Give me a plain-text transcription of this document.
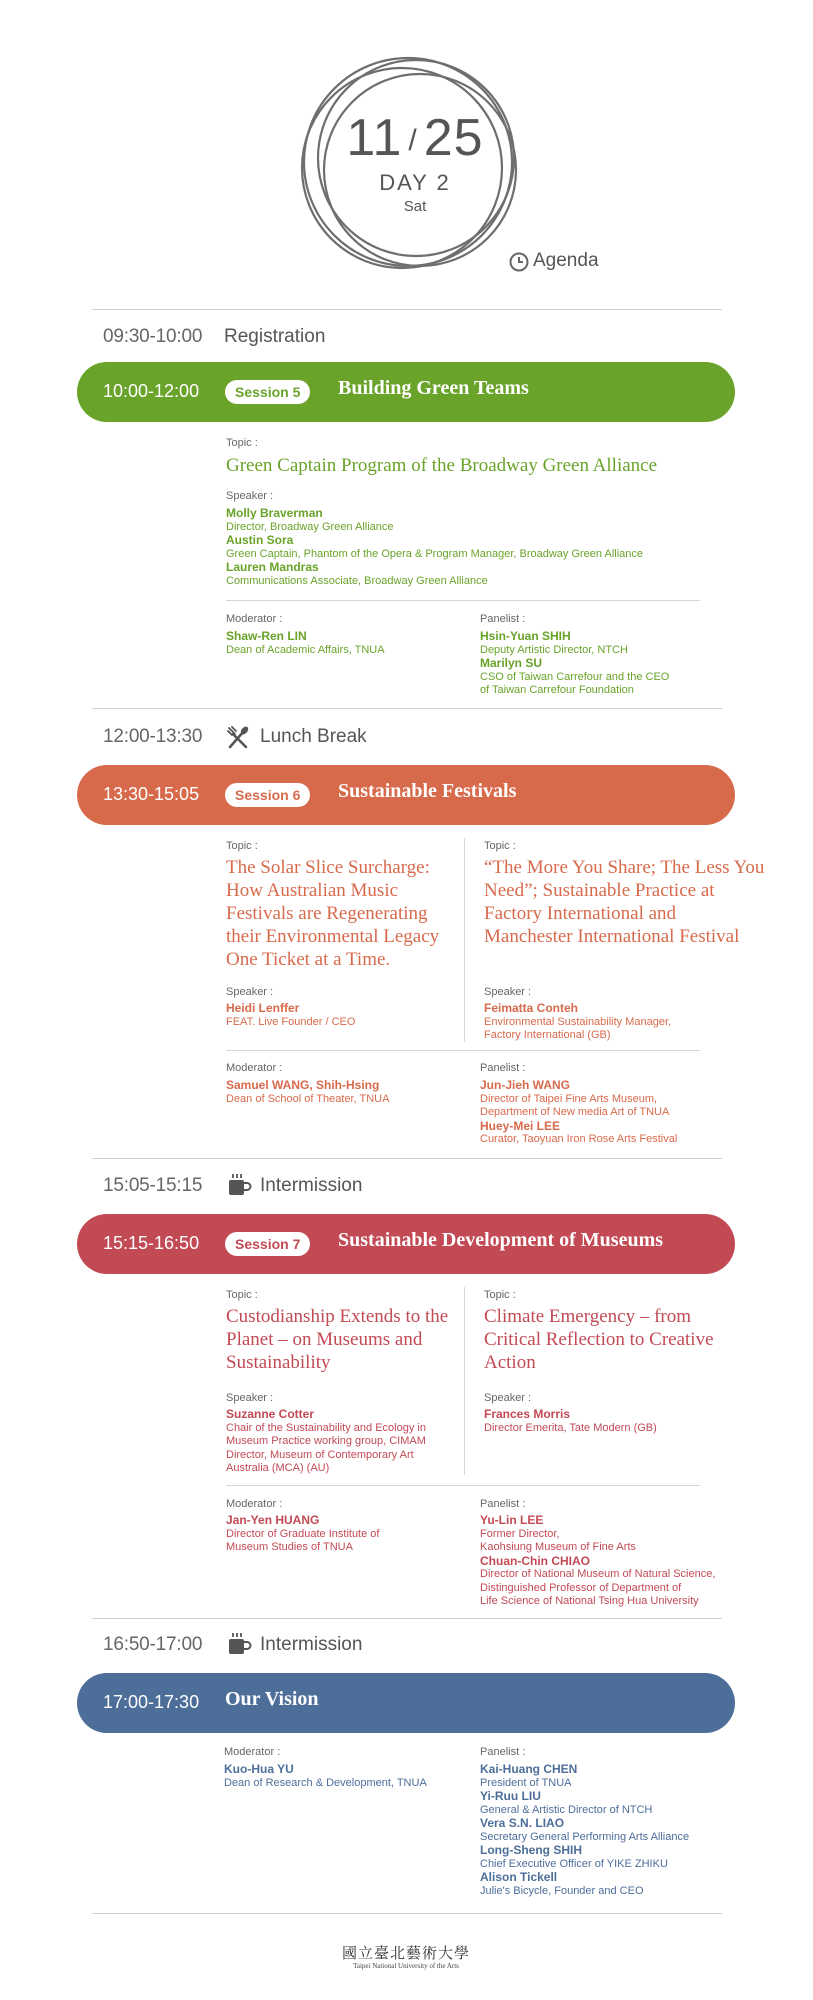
11 / 25
DAY 2
Sat
Agenda
09:30-10:00 Registration
10:00-12:00	Session 5	Building Green Teams
Topic :
Green Captain Program of the Broadway Green Alliance
Speaker :
Molly Braverman
Director, Broadway Green Alliance
Austin Sora
Green Captain, Phantom of the Opera & Program Manager, Broadway Green Alliance
Lauren Mandras
Communications Associate, Broadway Green Alliance
Moderator :
Shaw-Ren LIN
Dean of Academic Affairs, TNUA
Panelist :
Hsin-Yuan SHIH
Deputy Artistic Director, NTCH
Marilyn SU
CSO of Taiwan Carrefour and the CEO
of Taiwan Carrefour Foundation
12:00-13:30	Lunch Break
13:30-15:05	Session 6	Sustainable Festivals
Topic :
The Solar Slice Surcharge: How Australian Music Festivals are Regenerating their Environmental Legacy One Ticket at a Time.
Speaker :
Heidi Lenffer
FEAT. Live Founder / CEO
Topic :
“The More You Share; The Less You Need”; Sustainable Practice at Factory International and Manchester International Festival
Speaker :
Feimatta Conteh
Environmental Sustainability Manager,
Factory International (GB)
Moderator :
Samuel WANG, Shih-Hsing
Dean of School of Theater, TNUA
Panelist :
Jun-Jieh WANG
Director of Taipei Fine Arts Museum,
Department of New media Art of TNUA
Huey-Mei LEE
Curator, Taoyuan Iron Rose Arts Festival
15:05-15:15	Intermission
15:15-16:50	Session 7	Sustainable Development of Museums
Topic :
Custodianship Extends to the Planet – on Museums and Sustainability
Speaker :
Suzanne Cotter
Chair of the Sustainability and Ecology in
Museum Practice working group, CIMAM
Director, Museum of Contemporary Art
Australia (MCA) (AU)
Topic :
Climate Emergency – from Critical Reflection to Creative Action
Speaker :
Frances Morris
Director Emerita, Tate Modern (GB)
Moderator :
Jan-Yen HUANG
Director of Graduate Institute of
Museum Studies of TNUA
Panelist :
Yu-Lin LEE
Former Director,
Kaohsiung Museum of Fine Arts
Chuan-Chin CHIAO
Director of National Museum of Natural Science,
Distinguished Professor of Department of
Life Science of National Tsing Hua University
16:50-17:00	Intermission
17:00-17:30 Our Vision
Moderator :
Kuo-Hua YU
Dean of Research & Development, TNUA
Panelist :
Kai-Huang CHEN
President of TNUA
Yi-Ruu LIU
General & Artistic Director of NTCH
Vera S.N. LIAO
Secretary General Performing Arts Alliance
Long-Sheng SHIH
Chief Executive Officer of YIKE ZHIKU
Alison Tickell
Julie's Bicycle, Founder and CEO
國立臺北藝術大學
Taipei National University of the Arts
